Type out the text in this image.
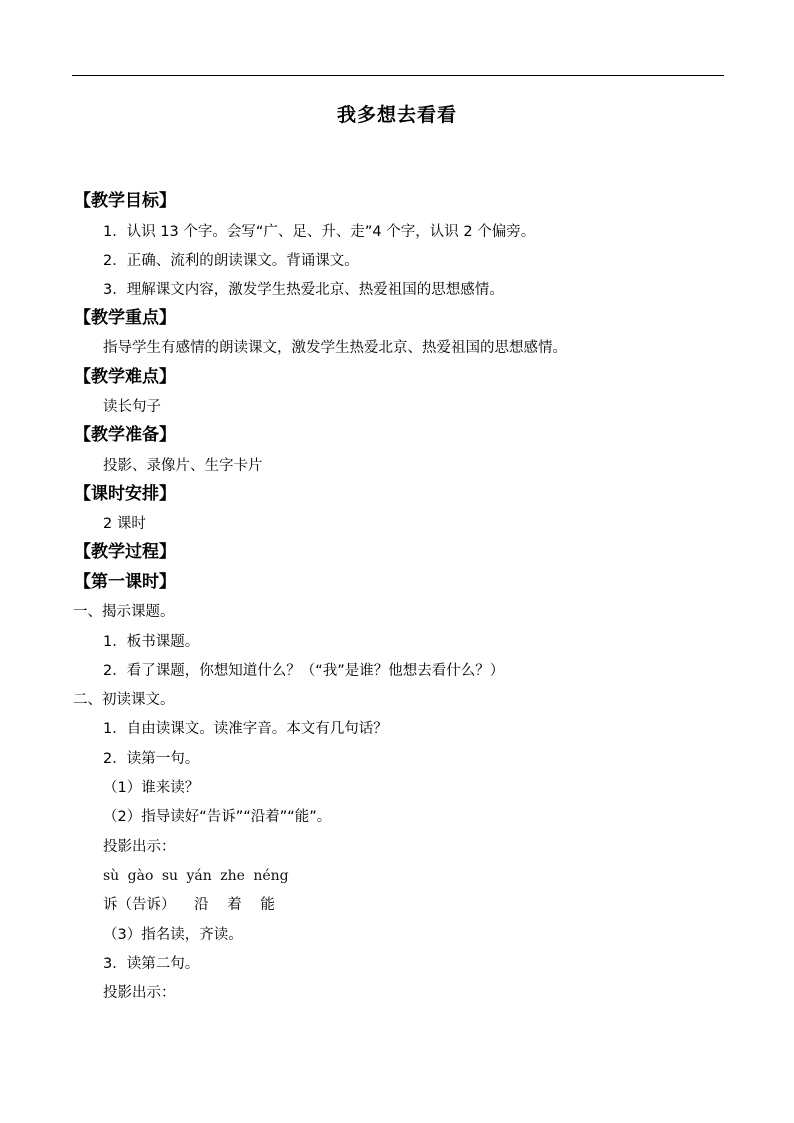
我多想去看看
【教学目标】
1．认识 13 个字。会写“广、足、升、走”4 个字，认识 2 个偏旁。
2．正确、流利的朗读课文。背诵课文。
3．理解课文内容，激发学生热爱北京、热爱祖国的思想感情。
【教学重点】
指导学生有感情的朗读课文，激发学生热爱北京、热爱祖国的思想感情。
【教学难点】
读长句子
【教学准备】
投影、录像片、生字卡片
【课时安排】
2 课时
【教学过程】
【第一课时】
一、揭示课题。
1．板书课题。
2．看了课题，你想知道什么？（“我”是谁？他想去看什么？）
二、初读课文。
1．自由读课文。读准字音。本文有几句话？
2．读第一句。
（1）谁来读？
（2）指导读好“告诉”“沿着”“能”。
投影出示：
sù gào su yán zhe néng
诉（告诉） 沿 着 能
（3）指名读，齐读。
3．读第二句。
投影出示：
